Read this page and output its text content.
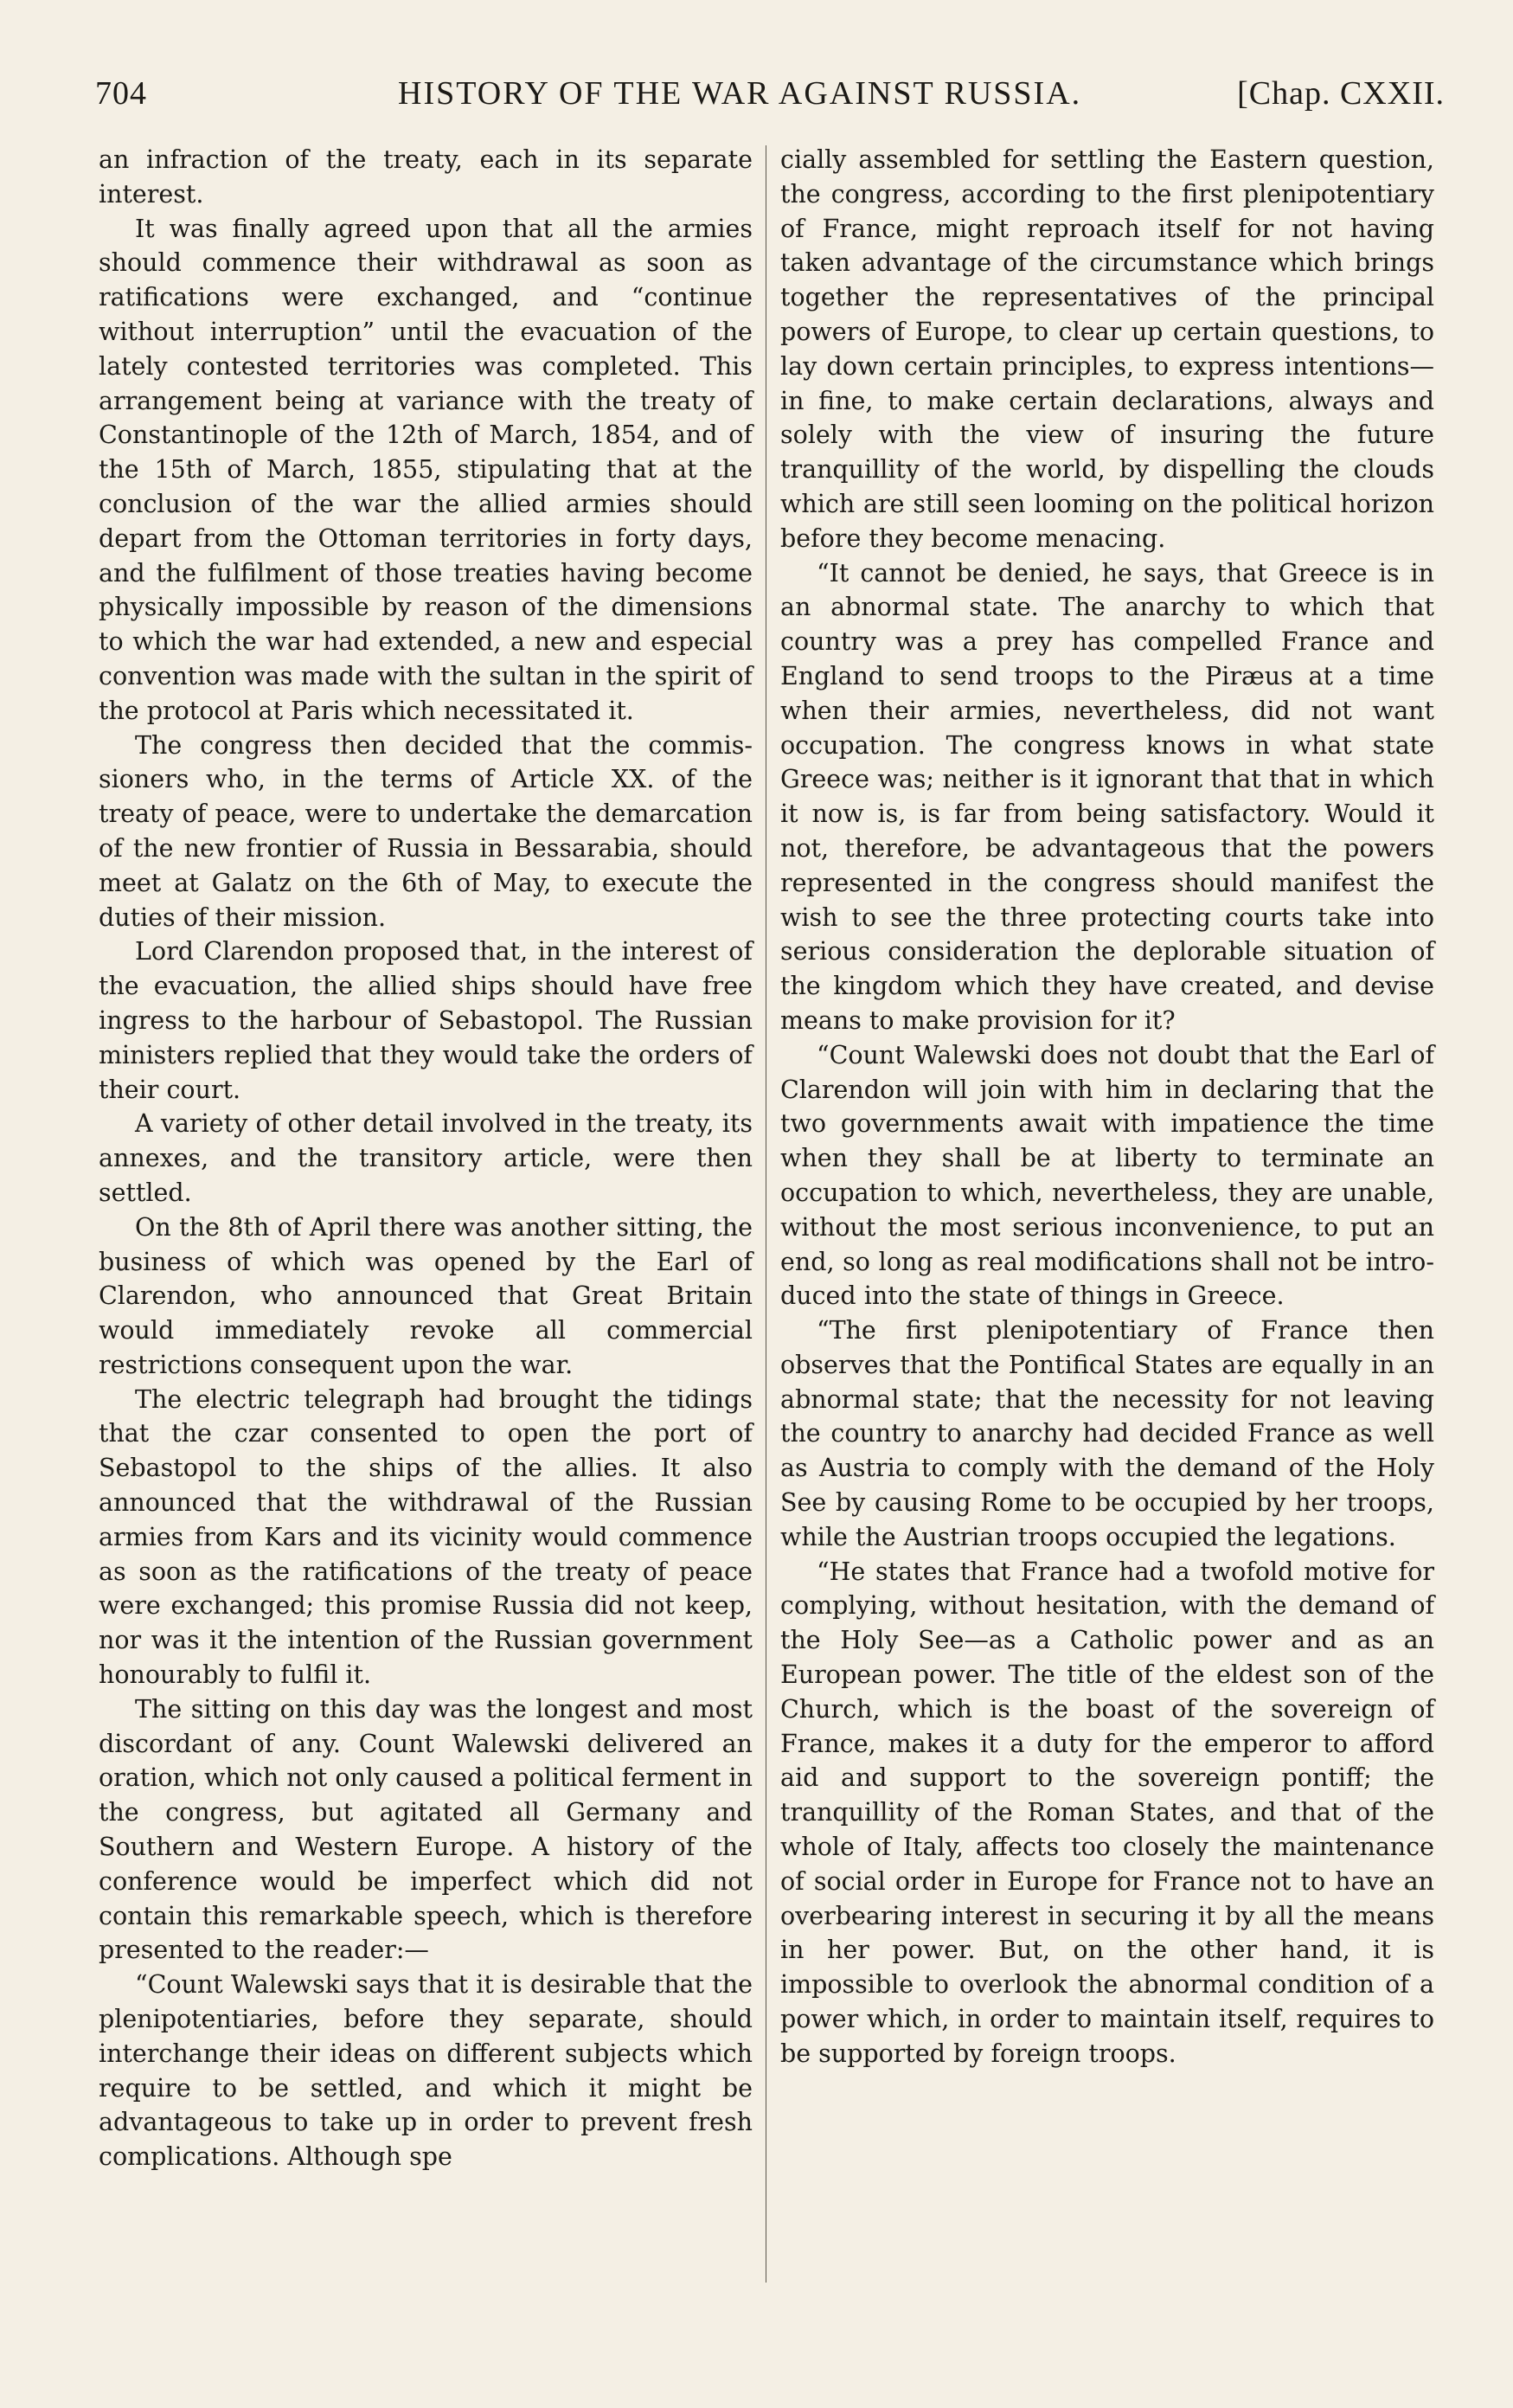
704	HISTORY OF THE WAR AGAINST RUSSIA.	[Chap. CXXII.

an infraction of the treaty, each in its separate interest.

It was finally agreed upon that all the armies should commence their withdrawal as soon as ratifications were exchanged, and “continue without interruption” until the evacuation of the lately contested territories was completed. This arrangement being at variance with the treaty of Constantinople of the 12th of March, 1854, and of the 15th of March, 1855, stipulating that at the conclusion of the war the allied armies should depart from the Ottoman territories in forty days, and the fulfilment of those treaties having become physically impossible by reason of the dimensions to which the war had extended, a new and especial convention was made with the sultan in the spirit of the protocol at Paris which necessitated it.

The congress then decided that the commissioners who, in the terms of Article XX. of the treaty of peace, were to undertake the demarcation of the new frontier of Russia in Bessarabia, should meet at Galatz on the 6th of May, to execute the duties of their mission.

Lord Clarendon proposed that, in the interest of the evacuation, the allied ships should have free ingress to the harbour of Sebastopol. The Russian ministers replied that they would take the orders of their court.

A variety of other detail involved in the treaty, its annexes, and the transitory article, were then settled.

On the 8th of April there was another sitting, the business of which was opened by the Earl of Clarendon, who announced that Great Britain would immediately revoke all commercial restrictions consequent upon the war.

The electric telegraph had brought the tidings that the czar consented to open the port of Sebastopol to the ships of the allies. It also announced that the withdrawal of the Russian armies from Kars and its vicinity would commence as soon as the ratifications of the treaty of peace were exchanged; this promise Russia did not keep, nor was it the intention of the Russian government honourably to fulfil it.

The sitting on this day was the longest and most discordant of any. Count Walewski delivered an oration, which not only caused a political ferment in the congress, but agitated all Germany and Southern and Western Europe. A history of the conference would be imperfect which did not contain this remarkable speech, which is therefore presented to the reader:—

“Count Walewski says that it is desirable that the plenipotentiaries, before they separate, should interchange their ideas on different subjects which require to be settled, and which it might be advantageous to take up in order to prevent fresh complications. Although spe

cially assembled for settling the Eastern question, the congress, according to the first plenipotentiary of France, might reproach itself for not having taken advantage of the circumstance which brings together the representatives of the principal powers of Europe, to clear up certain questions, to lay down certain principles, to express intentions—in fine, to make certain declarations, always and solely with the view of insuring the future tranquillity of the world, by dispelling the clouds which are still seen looming on the political horizon before they become menacing.

“It cannot be denied, he says, that Greece is in an abnormal state. The anarchy to which that country was a prey has compelled France and England to send troops to the Piræus at a time when their armies, nevertheless, did not want occupation. The congress knows in what state Greece was; neither is it ignorant that that in which it now is, is far from being satisfactory. Would it not, therefore, be advantageous that the powers represented in the congress should manifest the wish to see the three protecting courts take into serious consideration the deplorable situation of the kingdom which they have created, and devise means to make provision for it?

“Count Walewski does not doubt that the Earl of Clarendon will join with him in declaring that the two governments await with impatience the time when they shall be at liberty to terminate an occupation to which, nevertheless, they are unable, without the most serious inconvenience, to put an end, so long as real modifications shall not be introduced into the state of things in Greece.

“The first plenipotentiary of France then observes that the Pontifical States are equally in an abnormal state; that the necessity for not leaving the country to anarchy had decided France as well as Austria to comply with the demand of the Holy See by causing Rome to be occupied by her troops, while the Austrian troops occupied the legations.

“He states that France had a twofold motive for complying, without hesitation, with the demand of the Holy See—as a Catholic power and as an European power. The title of the eldest son of the Church, which is the boast of the sovereign of France, makes it a duty for the emperor to afford aid and support to the sovereign pontiff; the tranquillity of the Roman States, and that of the whole of Italy, affects too closely the maintenance of social order in Europe for France not to have an overbearing interest in securing it by all the means in her power. But, on the other hand, it is impossible to overlook the abnormal condition of a power which, in order to maintain itself, requires to be supported by foreign troops.
